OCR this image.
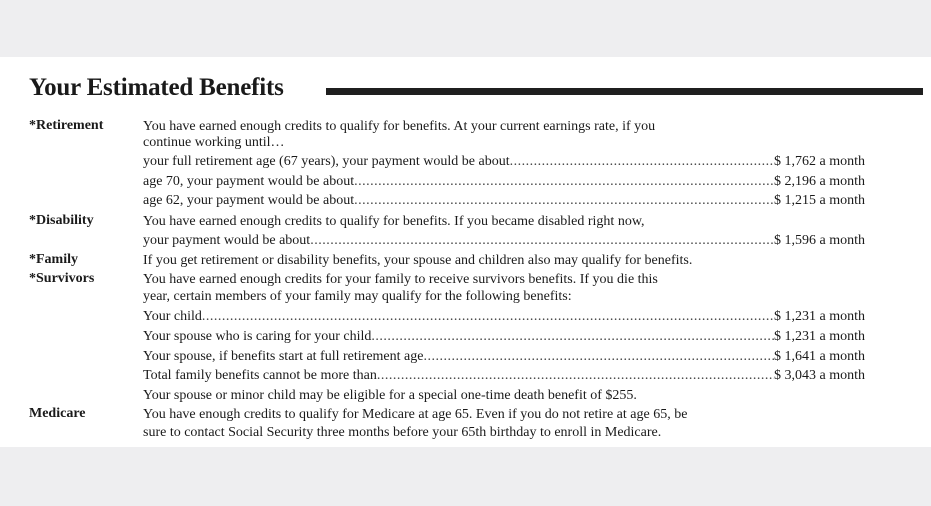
Your Estimated Benefits
*Retirement	You have earned enough credits to qualify for benefits. At your current earnings rate, if you
continue working until…
your full retirement age (67 years), your payment would be about .....	$ 1,762 a month
age 70, your payment would be about .....	$ 2,196 a month
age 62, your payment would be about .....	$ 1,215 a month
*Disability	You have earned enough credits to qualify for benefits. If you became disabled right now,
your payment would be about .....	$ 1,596 a month
*Family	If you get retirement or disability benefits, your spouse and children also may qualify for benefits.
*Survivors	You have earned enough credits for your family to receive survivors benefits. If you die this
year, certain members of your family may qualify for the following benefits:
Your child .....	$ 1,231 a month
Your spouse who is caring for your child .....	$ 1,231 a month
Your spouse, if benefits start at full retirement age .....	$ 1,641 a month
Total family benefits cannot be more than .....	$ 3,043 a month
Your spouse or minor child may be eligible for a special one-time death benefit of $255.
Medicare	You have enough credits to qualify for Medicare at age 65. Even if you do not retire at age 65, be
sure to contact Social Security three months before your 65th birthday to enroll in Medicare.
